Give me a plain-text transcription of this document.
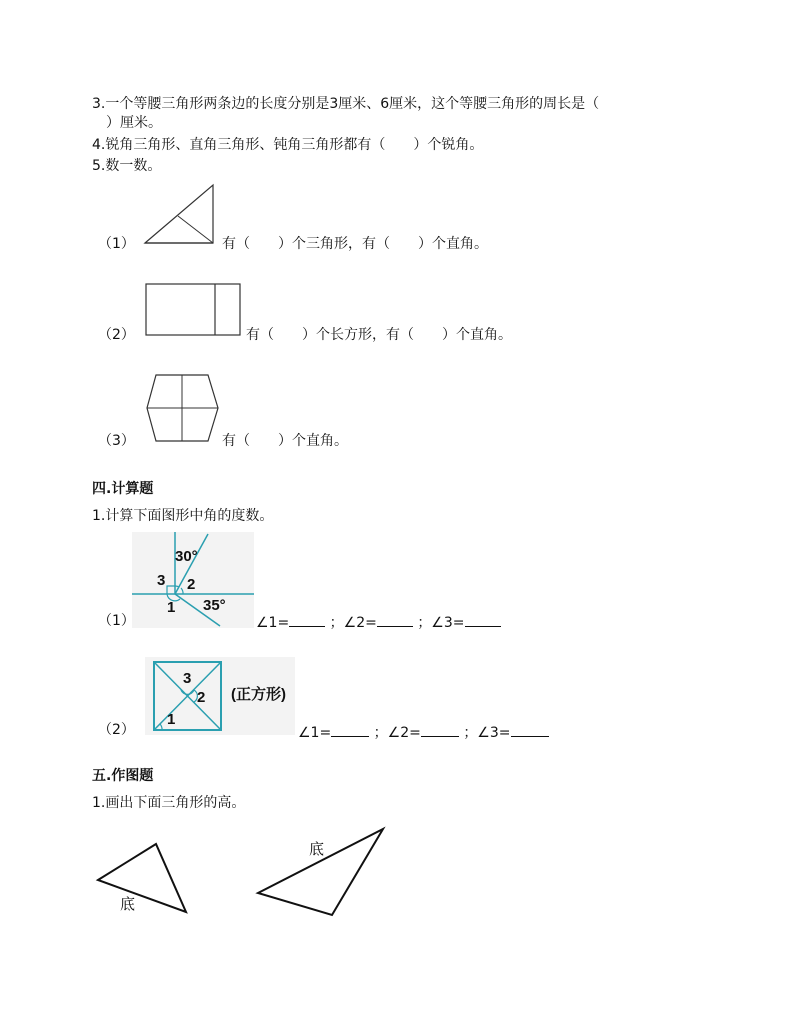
3.一个等腰三角形两条边的长度分别是3厘米、6厘米，这个等腰三角形的周长是（
　）厘米。
4.锐角三角形、直角三角形、钝角三角形都有（　　）个锐角。
5.数一数。
（1）	有（　　）个三角形，有（　　）个直角。
（2）	有（　　）个长方形，有（　　）个直角。
（3）	有（　　）个直角。
四.计算题
1.计算下面图形中角的度数。
30°
3 2
1 35°
（1）	∠1=	；∠2=	；∠3=
3
2
1
(正方形)
（2）	∠1=	；∠2=	；∠3=
五.作图题
1.画出下面三角形的高。
底
底
